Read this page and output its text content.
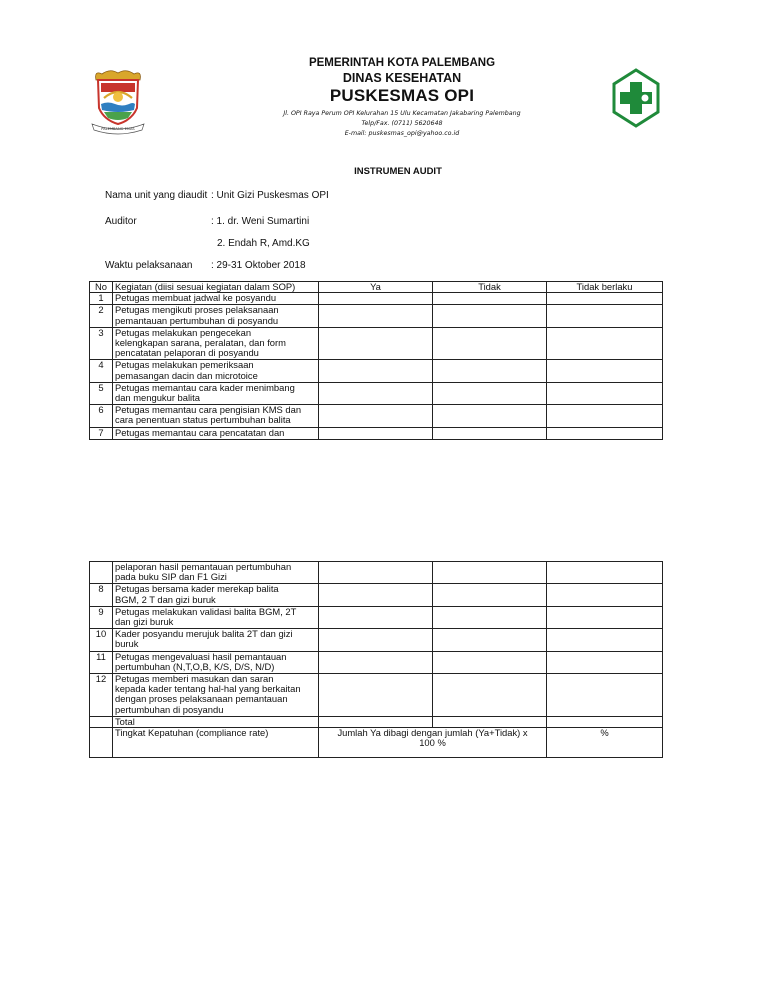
PALEMBANG EMAS
PEMERINTAH KOTA PALEMBANG
DINAS KESEHATAN
PUSKESMAS OPI
Jl. OPI Raya Perum OPI Kelurahan 15 Ulu Kecamatan Jakabaring Palembang
Telp/Fax. (0711) 5620648
E-mail: puskesmas_opi@yahoo.co.id
INSTRUMEN AUDIT
Nama unit yang diaudit : Unit Gizi Puskesmas OPI
Auditor	: 1. dr. Weni Sumartini
2. Endah R, Amd.KG
Waktu pelaksanaan : 29-31 Oktober 2018
No	Kegiatan (diisi sesuai kegiatan dalam SOP)	Ya	Tidak	Tidak berlaku
1	Petugas membuat jadwal ke posyandu			

2	Petugas mengikuti proses pelaksanaan
pemantauan pertumbuhan di posyandu			

3	Petugas melakukan pengecekan
kelengkapan sarana, peralatan, dan form
pencatatan pelaporan di posyandu			

4	Petugas melakukan pemeriksaan
pemasangan dacin dan microtoice			

5	Petugas memantau cara kader menimbang
dan mengukur balita			

6	Petugas memantau cara pengisian KMS dan
cara penentuan status pertumbuhan balita			

7	Petugas memantau cara pencatatan dan			

	pelaporan hasil pemantauan pertumbuhan
pada buku SIP dan F1 Gizi			

8	Petugas bersama kader merekap balita
BGM, 2 T dan gizi buruk			

9	Petugas melakukan validasi balita BGM, 2T
dan gizi buruk			

10	Kader posyandu merujuk balita 2T dan gizi
buruk			

11	Petugas mengevaluasi hasil pemantauan
pertumbuhan (N,T,O,B, K/S, D/S, N/D)			

12	Petugas memberi masukan dan saran
kepada kader tentang hal-hal yang berkaitan
dengan proses pelaksanaan pemantauan
pertumbuhan di posyandu			

	Total			
	Tingkat Kepatuhan (compliance rate)	Jumlah Ya dibagi dengan jumlah (Ya+Tidak) x
100 %		%
